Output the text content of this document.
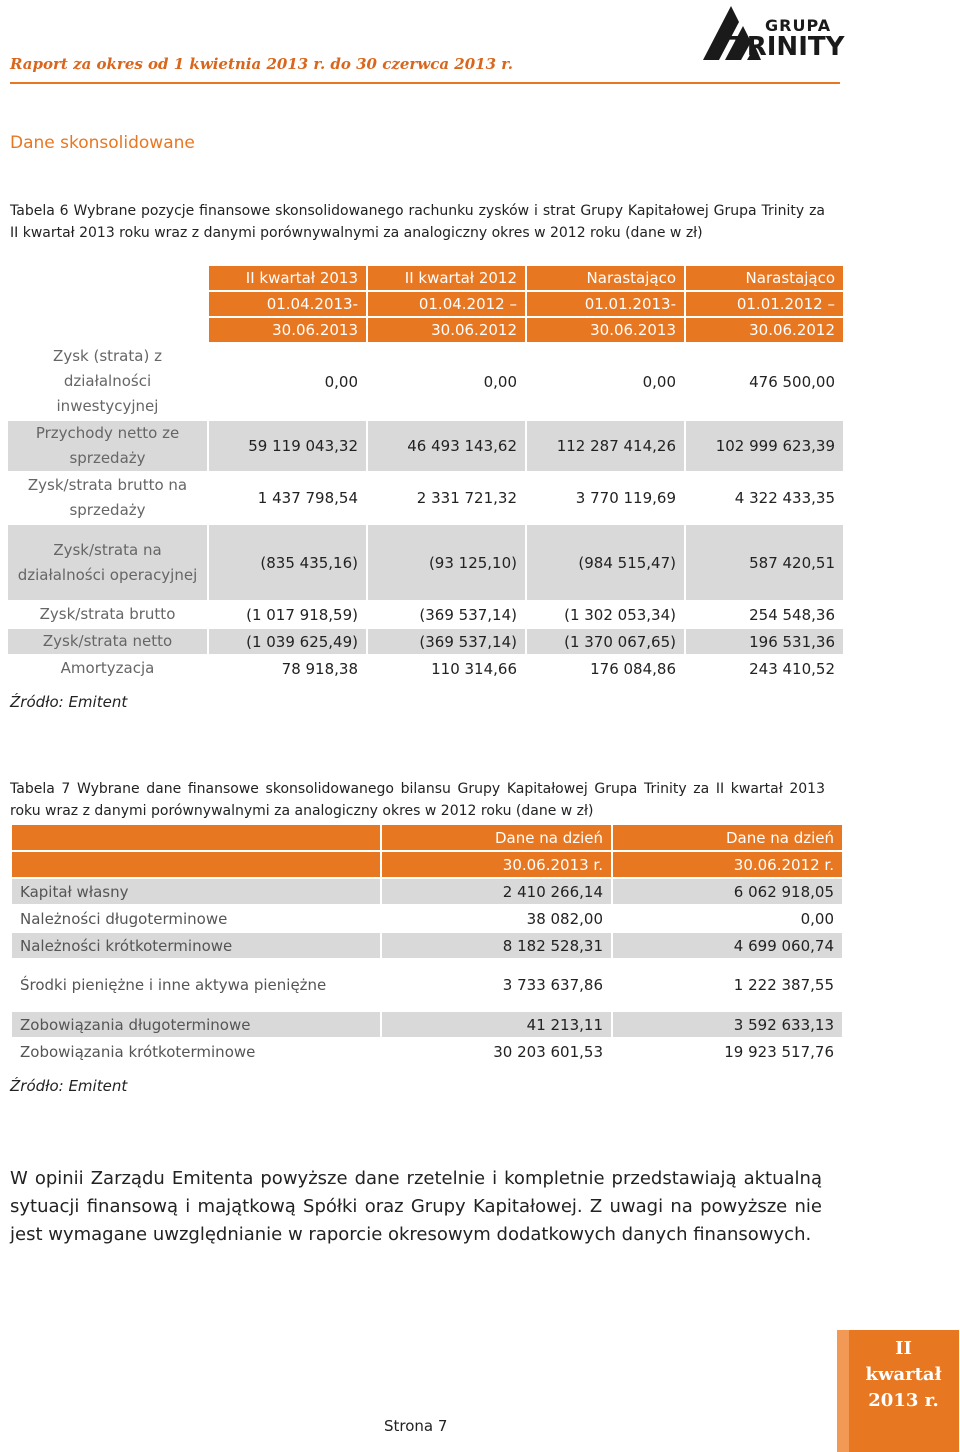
Raport za okres od 1 kwietnia 2013 r. do 30 czerwca 2013 r.
GRUPA
TRINITY
Dane skonsolidowane
Tabela 6 Wybrane pozycje finansowe skonsolidowanego rachunku zysków i strat Grupy Kapitałowej Grupa Trinity za II kwartał 2013 roku wraz z danymi porównywalnymi za analogiczny okres w 2012 roku (dane w zł)
	II kwartał 2013	II kwartał 2012	Narastająco	Narastająco
	01.04.2013-	01.04.2012 –	01.01.2013-	01.01.2012 –
	30.06.2013	30.06.2012	30.06.2013	30.06.2012
Zysk (strata) z działalności inwestycyjnej	0,00	0,00	0,00	476 500,00
Przychody netto ze sprzedaży	59 119 043,32	46 493 143,62	112 287 414,26	102 999 623,39
Zysk/strata brutto na sprzedaży	1 437 798,54	2 331 721,32	3 770 119,69	4 322 433,35
Zysk/strata na działalności operacyjnej	(835 435,16)	(93 125,10)	(984 515,47)	587 420,51
Zysk/strata brutto	(1 017 918,59)	(369 537,14)	(1 302 053,34)	254 548,36
Zysk/strata netto	(1 039 625,49)	(369 537,14)	(1 370 067,65)	196 531,36
Amortyzacja	78 918,38	110 314,66	176 084,86	243 410,52
Źródło: Emitent
Tabela 7 Wybrane dane finansowe skonsolidowanego bilansu Grupy Kapitałowej Grupa Trinity za II kwartał 2013 roku wraz z danymi porównywalnymi za analogiczny okres w 2012 roku (dane w zł)
	Dane na dzień	Dane na dzień
	30.06.2013 r.	30.06.2012 r.
Kapitał własny	2 410 266,14	6 062 918,05
Należności długoterminowe	38 082,00	0,00
Należności krótkoterminowe	8 182 528,31	4 699 060,74
Środki pieniężne i inne aktywa pieniężne	3 733 637,86	1 222 387,55
Zobowiązania długoterminowe	41 213,11	3 592 633,13
Zobowiązania krótkoterminowe	30 203 601,53	19 923 517,76
Źródło: Emitent
W opinii Zarządu Emitenta powyższe dane rzetelnie i kompletnie przedstawiają aktualną sytuacji finansową i majątkową Spółki oraz Grupy Kapitałowej. Z uwagi na powyższe nie jest wymagane uwzględnianie w raporcie okresowym dodatkowych danych finansowych.
Strona 7
II
kwartał
2013 r.
